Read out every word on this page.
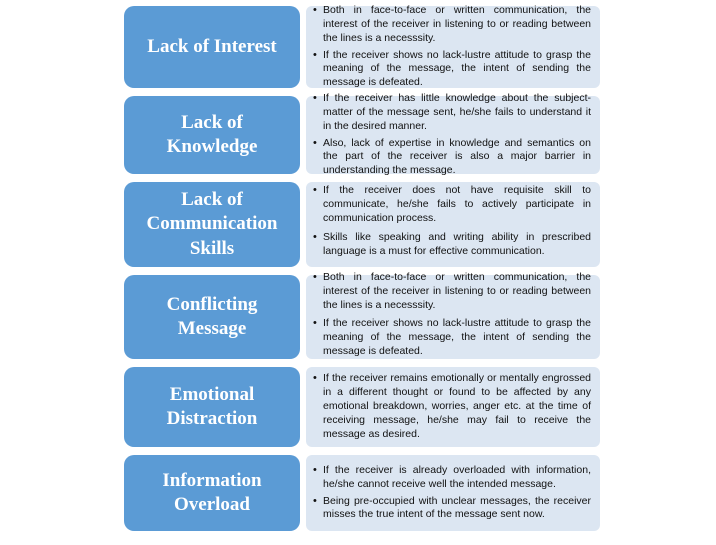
Lack of Interest
• Both in face-to-face or written communication, the interest of the receiver in listening to or reading between the lines is a necesssity.
• If the receiver shows no lack-lustre attitude to grasp the meaning of the message, the intent of sending the message is defeated.
Lack of
Knowledge
• If the receiver has little knowledge about the subject-matter of the message sent, he/she fails to understand it in the desired manner.
• Also, lack of expertise in knowledge and semantics on the part of the receiver is also a major barrier in understanding the message.
Lack of
Communication
Skills
• If the receiver does not have requisite skill to communicate, he/she fails to actively participate in communication process.
• Skills like speaking and writing ability in prescribed language is a must for effective communication.
Conflicting
Message
• Both in face-to-face or written communication, the interest of the receiver in listening to or reading between the lines is a necesssity.
• If the receiver shows no lack-lustre attitude to grasp the meaning of the message, the intent of sending the message is defeated.
Emotional
Distraction
• If the receiver remains emotionally or mentally engrossed in a different thought or found to be affected by any emotional breakdown, worries, anger etc. at the time of receiving message, he/she may fail to receive the message as desired.
Information
Overload
• If the receiver is already overloaded with information, he/she cannot receive well the intended message.
• Being pre-occupied with unclear messages, the receiver misses the true intent of the message sent now.
